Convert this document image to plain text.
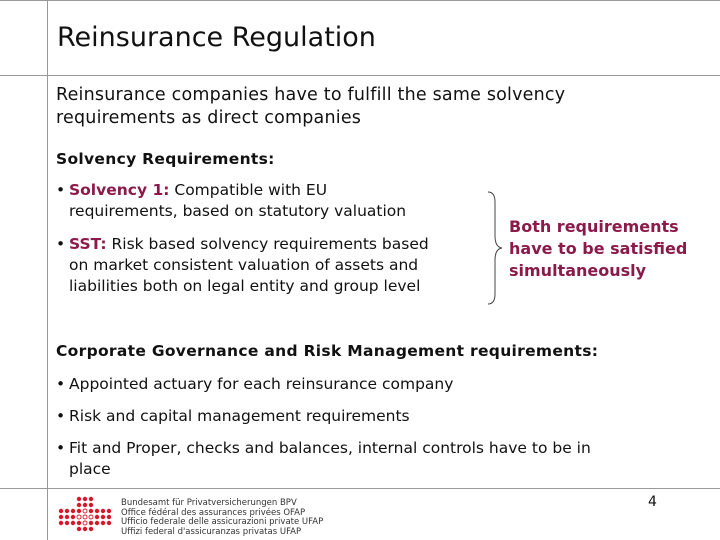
Reinsurance Regulation
Reinsurance companies have to fulfill the same solvency
requirements as direct companies
Solvency Requirements:
• Solvency 1: Compatible with EU
requirements, based on statutory valuation
• SST: Risk based solvency requirements based
on market consistent valuation of assets and
liabilities both on legal entity and group level
Both requirements
have to be satisfied
simultaneously
Corporate Governance and Risk Management requirements:
• Appointed actuary for each reinsurance company
• Risk and capital management requirements
• Fit and Proper, checks and balances, internal controls have to be in
place
Bundesamt für Privatversicherungen BPV
Office fédéral des assurances privées OFAP
Ufficio federale delle assicurazioni private UFAP
Uffizi federal d'assicuranzas privatas UFAP
4
